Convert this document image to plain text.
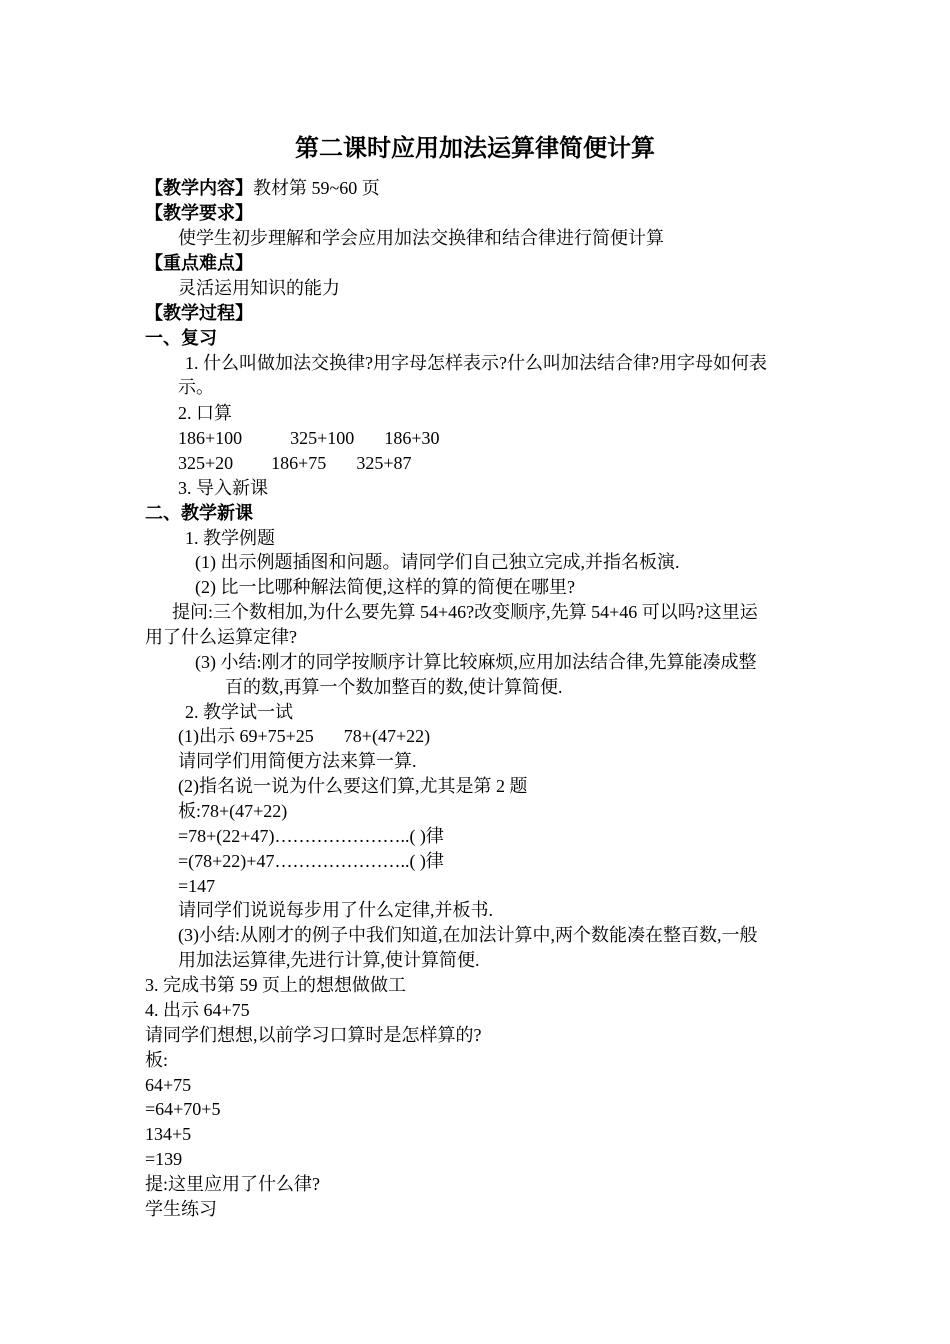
第二课时应用加法运算律简便计算
【教学内容】教材第 59~60 页
【教学要求】
使学生初步理解和学会应用加法交换律和结合律进行简便计算
【重点难点】
灵活运用知识的能力
【教学过程】
一、复习
1. 什么叫做加法交换律?用字母怎样表示?什么叫加法结合律?用字母如何表
示。
2. 口算
186+100	325+100 186+30
325+20 186+75 325+87
3. 导入新课
二、教学新课
1. 教学例题
(1) 出示例题插图和问题。请同学们自己独立完成,并指名板演.
(2) 比一比哪种解法简便,这样的算的简便在哪里?
提问:三个数相加,为什么要先算 54+46?改变顺序,先算 54+46 可以吗?这里运
用了什么运算定律?
(3) 小结:刚才的同学按顺序计算比较麻烦,应用加法结合律,先算能凑成整
百的数,再算一个数加整百的数,使计算简便.
2. 教学试一试
(1)出示 69+75+25 78+(47+22)
请同学们用简便方法来算一算.
(2)指名说一说为什么要这们算,尤其是第 2 题
板:78+(47+22)
=78+(22+47)…………………..( )律
=(78+22)+47…………………..( )律
=147
请同学们说说每步用了什么定律,并板书.
(3)小结:从刚才的例子中我们知道,在加法计算中,两个数能凑在整百数,一般
用加法运算律,先进行计算,使计算简便.
3. 完成书第 59 页上的想想做做工
4. 出示 64+75
请同学们想想,以前学习口算时是怎样算的?
板:
64+75
=64+70+5
134+5
=139
提:这里应用了什么律?
学生练习
